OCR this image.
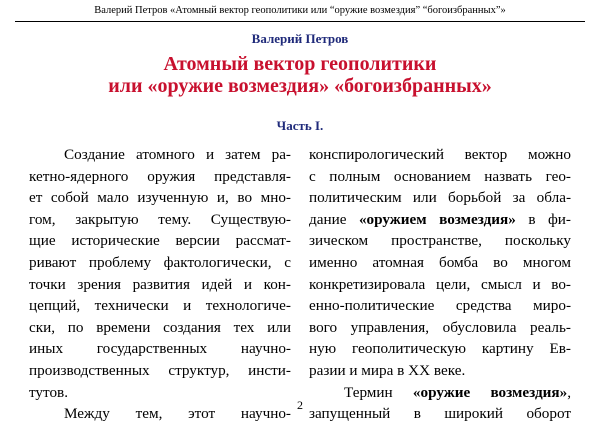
Валерий Петров «Атомный вектор геополитики или “оружие возмездия” “богоизбранных”»
Валерий Петров
Атомный вектор геополитики
или «оружие возмездия» «богоизбранных»
Часть I.
Создание атомного и затем ра-
кетно-ядерного оружия представля-
ет собой мало изученную и, во мно-
гом, закрытую тему. Существую-
щие исторические версии рассмат-
ривают проблему фактологически, с
точки зрения развития идей и кон-
цепций, технически и технологиче-
ски, по времени создания тех или
иных государственных научно-
производственных структур, инсти-
тутов.
Между тем, этот научно-
конспирологический вектор можно
с полным основанием назвать гео-
политическим или борьбой за обла-
дание «оружием возмездия» в фи-
зическом пространстве, поскольку
именно атомная бомба во многом
конкретизировала цели, смысл и во-
енно-политические средства миро-
вого управления, обусловила реаль-
ную геополитическую картину Ев-
разии и мира в XX веке.
Термин «оружие возмездия»,
запущенный в широкий оборот
2
